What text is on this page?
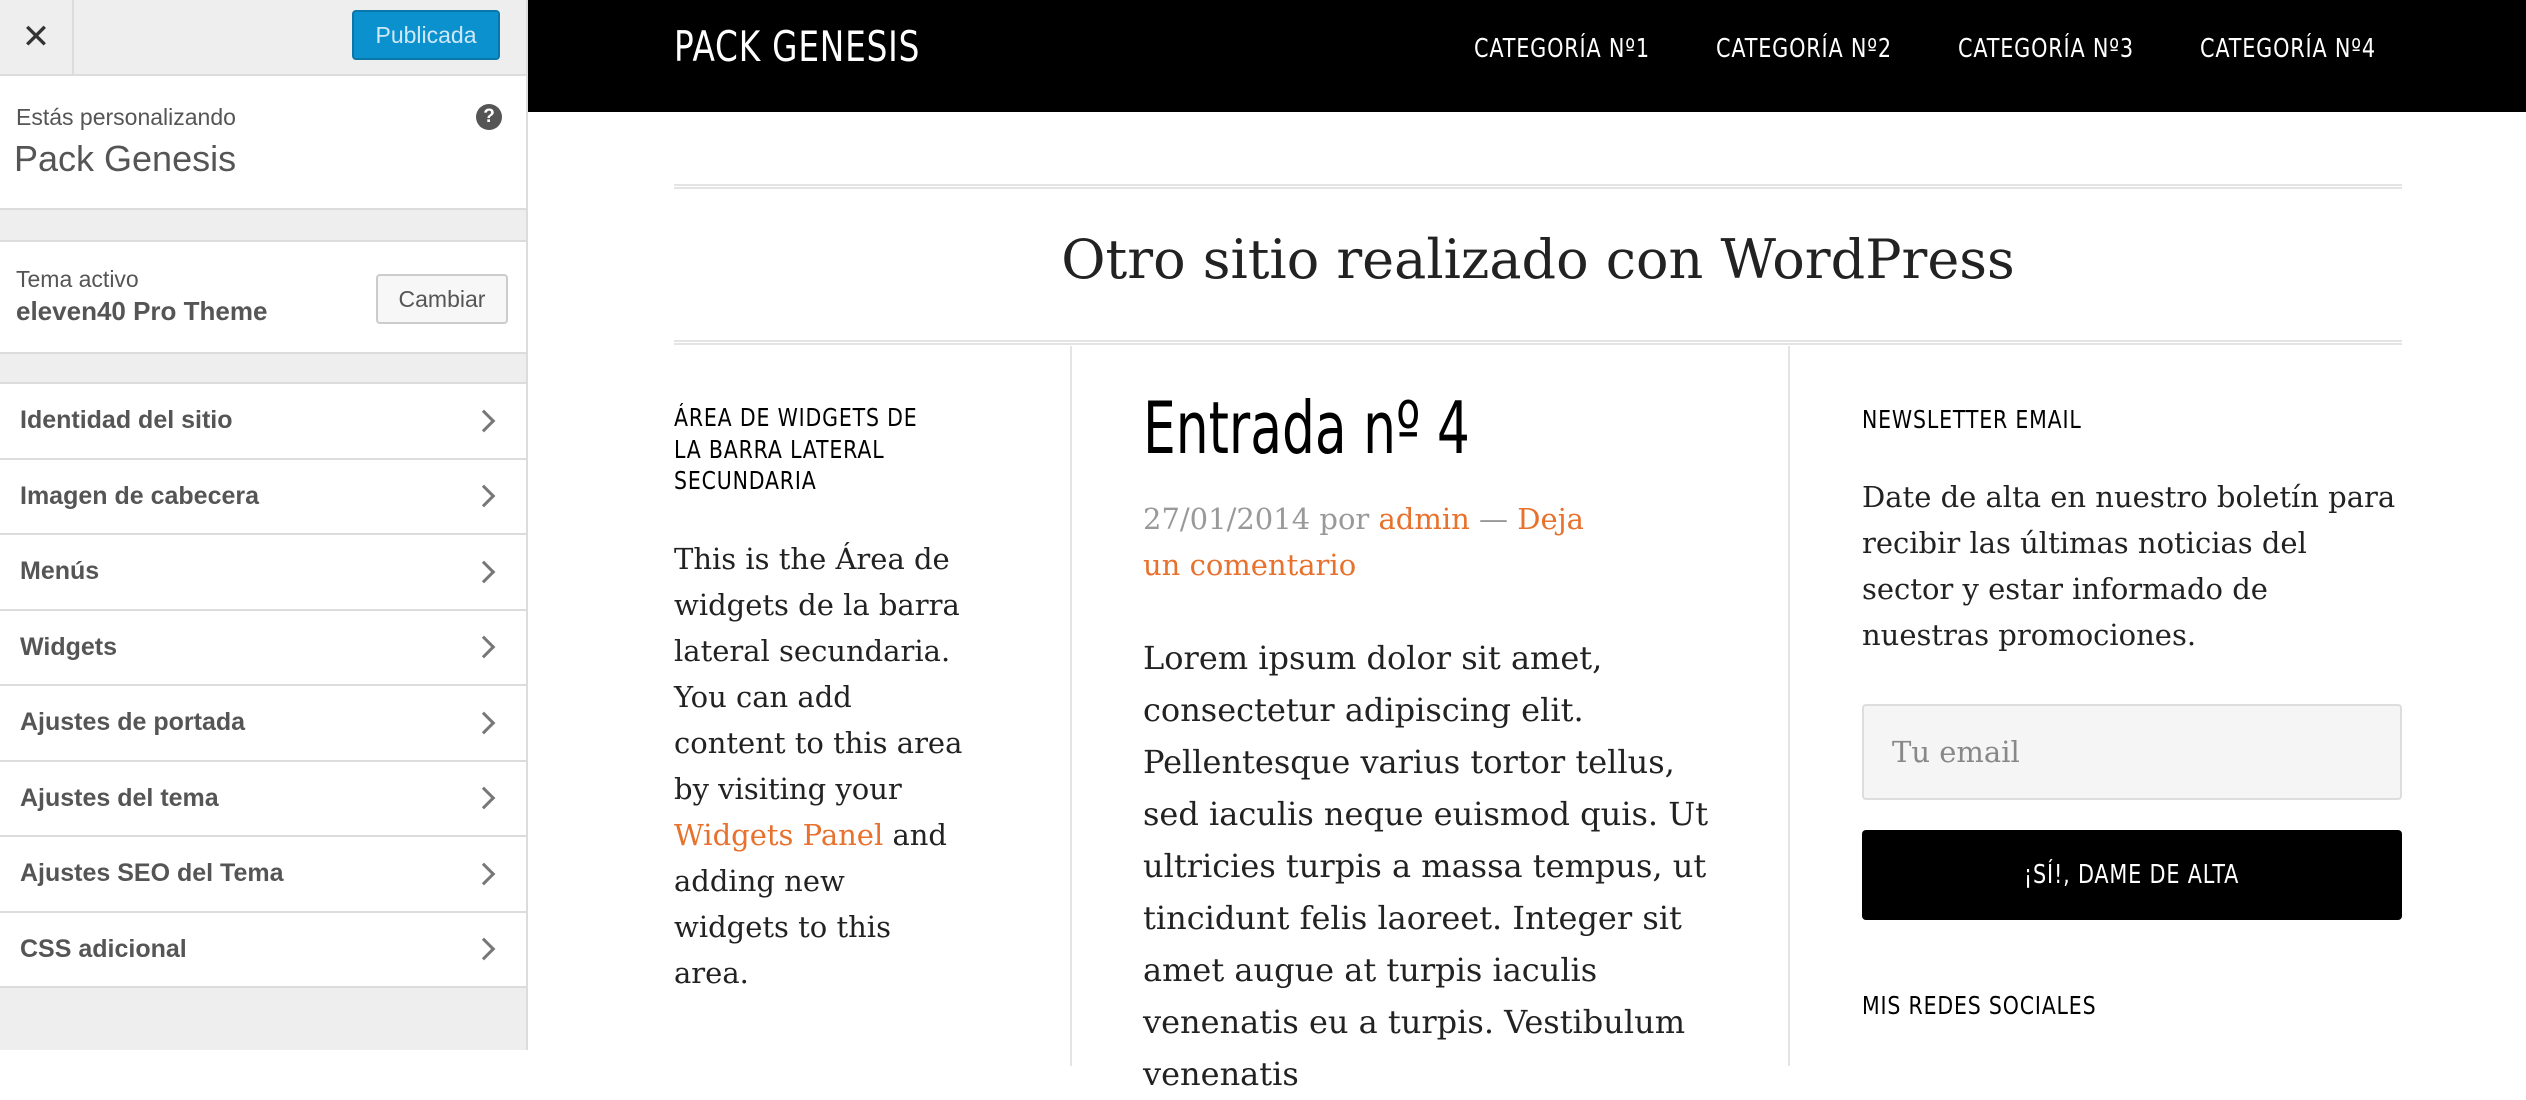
✕	Publicada
Estás personalizando
Pack Genesis
?
Tema activo
eleven40 Pro Theme	Cambiar
Identidad del sitio
Imagen de cabecera
Menús
Widgets
Ajustes de portada
Ajustes del tema
Ajustes SEO del Tema
CSS adicional
PACK GENESIS	CATEGORÍA Nº1	CATEGORÍA Nº2	CATEGORÍA Nº3	CATEGORÍA Nº4
Otro sitio realizado con WordPress
ÁREA DE WIDGETS DE LA BARRA LATERAL SECUNDARIA
This is the Área de widgets de la barra lateral secundaria. You can add content to this area by visiting your Widgets Panel and adding new widgets to this area.
Entrada nº 4
27/01/2014 por admin — Deja un comentario
Lorem ipsum dolor sit amet, consectetur adipiscing elit. Pellentesque varius tortor tellus, sed iaculis neque euismod quis. Ut ultricies turpis a massa tempus, ut tincidunt felis laoreet. Integer sit amet augue at turpis iaculis venenatis eu a turpis. Vestibulum venenatis
NEWSLETTER EMAIL
Date de alta en nuestro boletín para recibir las últimas noticias del sector y estar informado de nuestras promociones.
Tu email
¡SÍ!, DAME DE ALTA
MIS REDES SOCIALES
